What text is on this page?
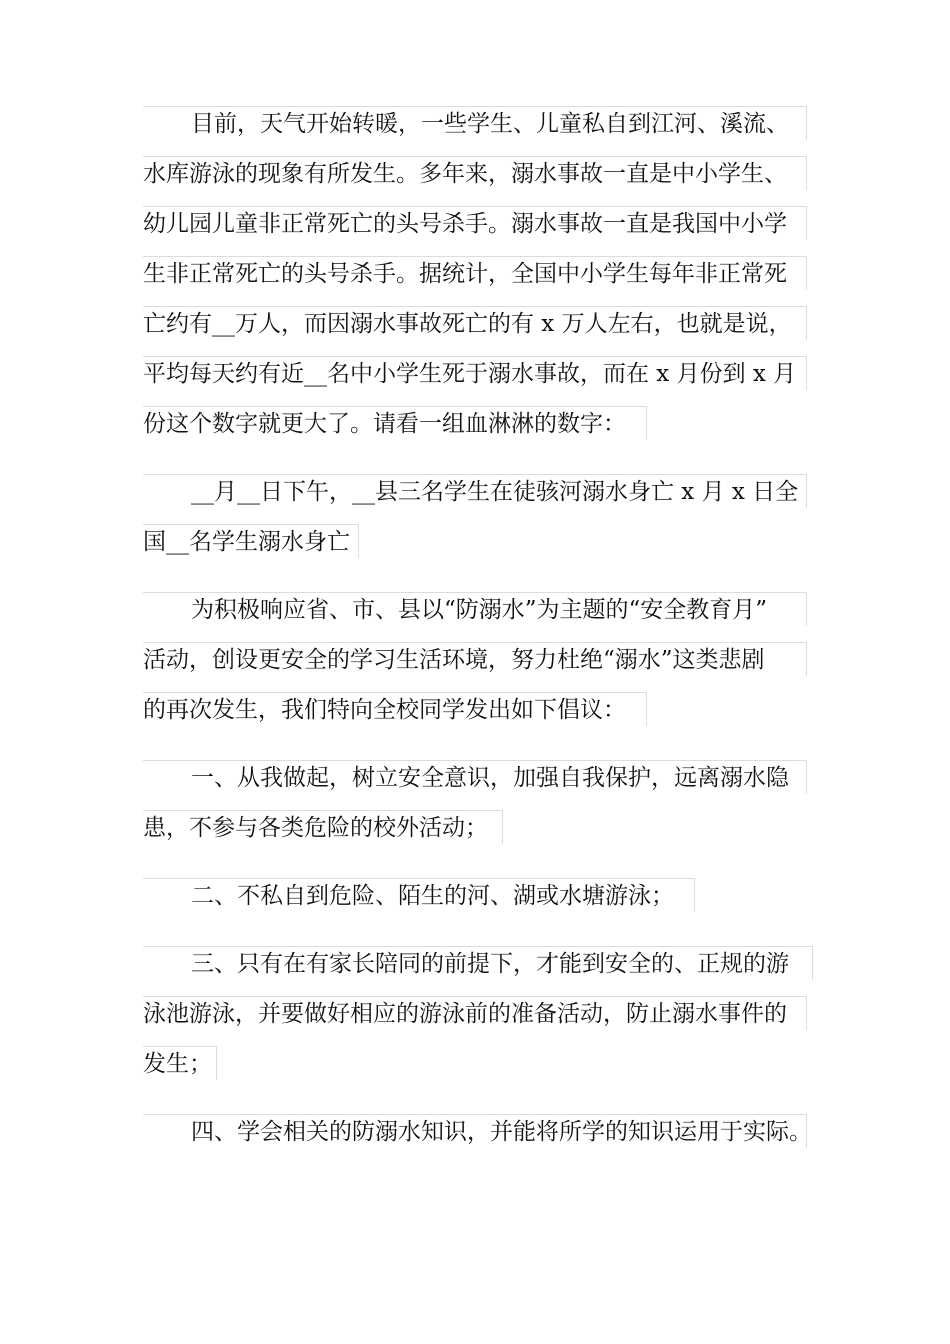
目前，天气开始转暖，一些学生、儿童私自到江河、溪流、
水库游泳的现象有所发生。多年来，溺水事故一直是中小学生、
幼儿园儿童非正常死亡的头号杀手。溺水事故一直是我国中小学
生非正常死亡的头号杀手。据统计，全国中小学生每年非正常死
亡约有__万人，而因溺水事故死亡的有 x 万人左右，也就是说，
平均每天约有近__名中小学生死于溺水事故，而在 x 月份到 x 月
份这个数字就更大了。请看一组血淋淋的数字：
__月__日下午，__县三名学生在徒骇河溺水身亡 x 月 x 日全
国__名学生溺水身亡
为积极响应省、市、县以“防溺水”为主题的“安全教育月”
活动，创设更安全的学习生活环境，努力杜绝“溺水”这类悲剧
的再次发生，我们特向全校同学发出如下倡议：
一、从我做起，树立安全意识，加强自我保护，远离溺水隐
患，不参与各类危险的校外活动；
二、不私自到危险、陌生的河、湖或水塘游泳；
三、只有在有家长陪同的前提下，才能到安全的、正规的游
泳池游泳，并要做好相应的游泳前的准备活动，防止溺水事件的
发生；
四、学会相关的防溺水知识，并能将所学的知识运用于实际。
